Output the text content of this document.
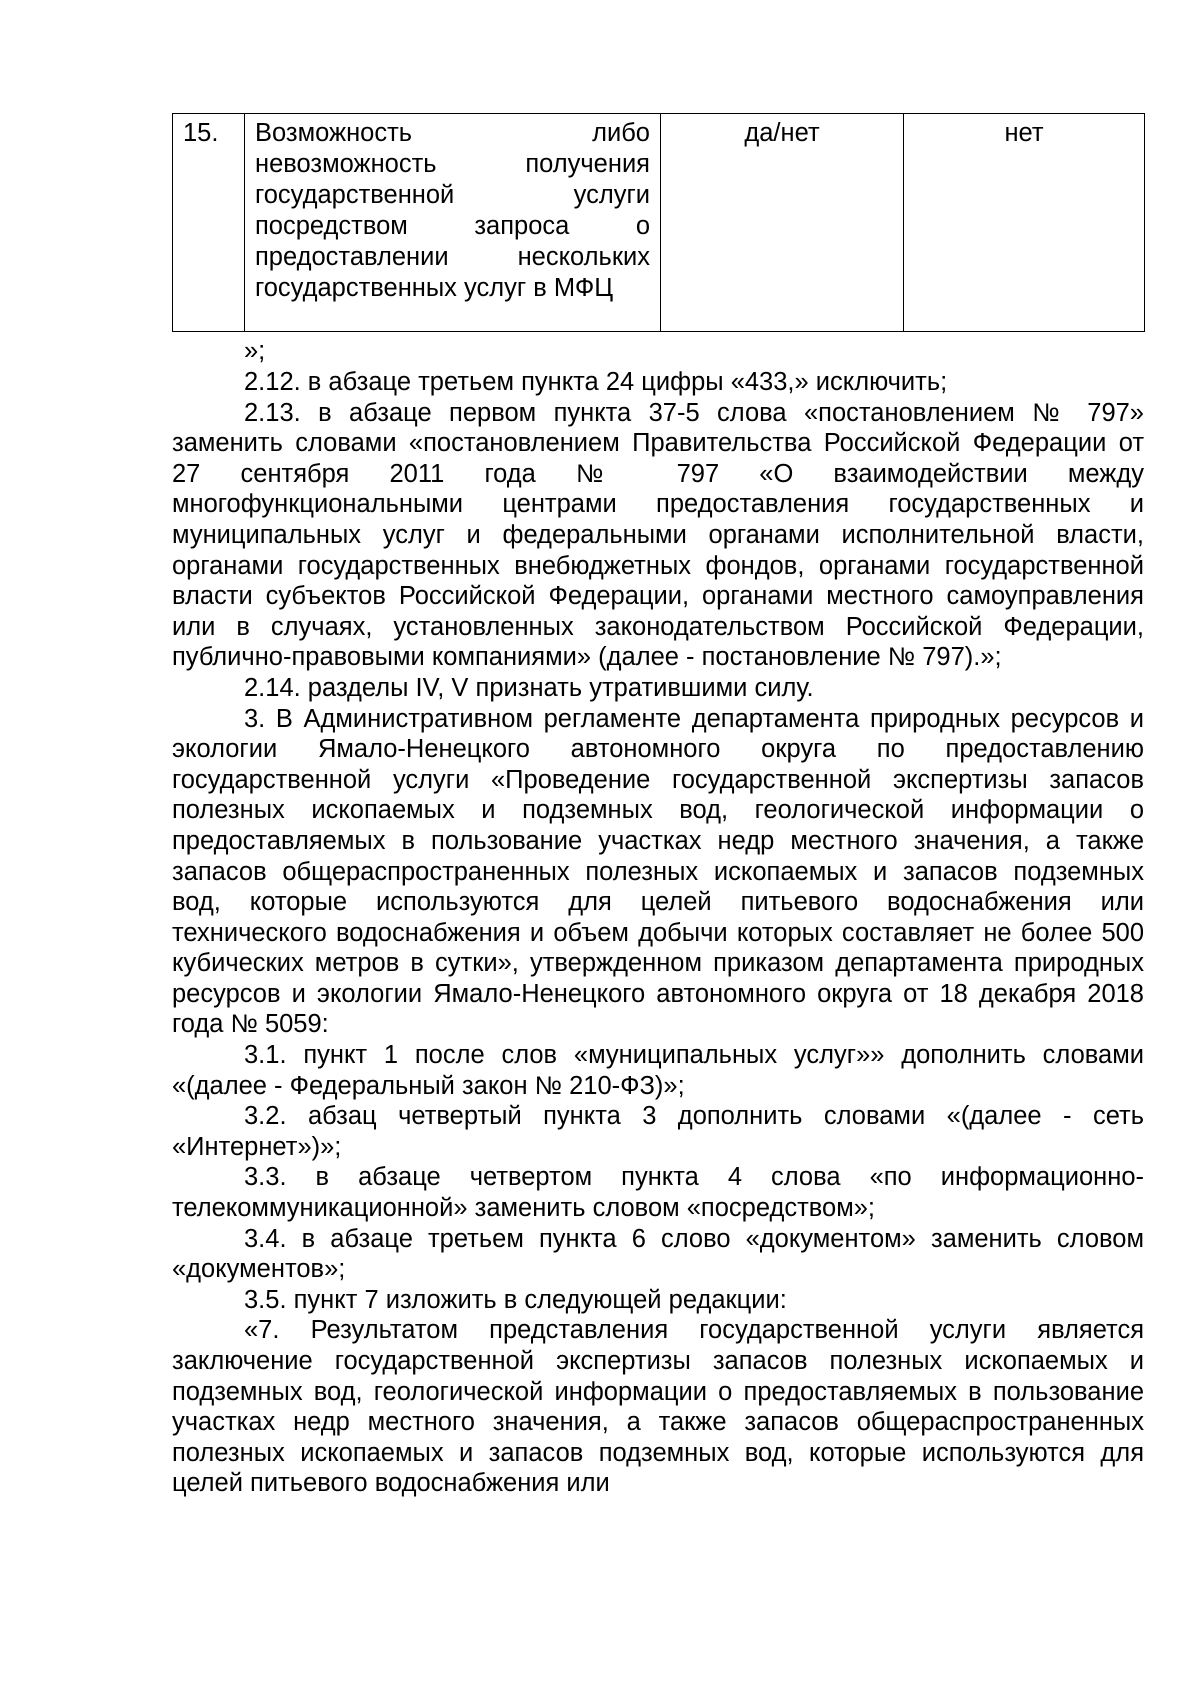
15.	Возможность либо невозможность получения государственной услуги посредством запроса о предоставлении нескольких государственных услуг в МФЦ	да/нет	нет
»;

2.12. в абзаце третьем пункта 24 цифры «433,» исключить;

2.13. в абзаце первом пункта 37-5 слова «постановлением № 797» заменить словами «постановлением Правительства Российской Федерации от 27 сентября 2011 года № 797 «О взаимодействии между многофункциональными центрами предоставления государственных и муниципальных услуг и федеральными органами исполнительной власти, органами государственных внебюджетных фондов, органами государственной власти субъектов Российской Федерации, органами местного самоуправления или в случаях, установленных законодательством Российской Федерации, публично-правовыми компаниями» (далее - постановление № 797).»;

2.14. разделы IV, V признать утратившими силу.

3. В Административном регламенте департамента природных ресурсов и экологии Ямало-Ненецкого автономного округа по предоставлению государственной услуги «Проведение государственной экспертизы запасов полезных ископаемых и подземных вод, геологической информации о предоставляемых в пользование участках недр местного значения, а также запасов общераспространенных полезных ископаемых и запасов подземных вод, которые используются для целей питьевого водоснабжения или технического водоснабжения и объем добычи которых составляет не более 500 кубических метров в сутки», утвержденном приказом департамента природных ресурсов и экологии Ямало-Ненецкого автономного округа от 18 декабря 2018 года № 5059:

3.1. пункт 1 после слов «муниципальных услуг»» дополнить словами «(далее - Федеральный закон № 210-ФЗ)»;

3.2. абзац четвертый пункта 3 дополнить словами «(далее - сеть «Интернет»)»;

3.3. в абзаце четвертом пункта 4 слова «по информационно-телекоммуникационной» заменить словом «посредством»;

3.4. в абзаце третьем пункта 6 слово «документом» заменить словом «документов»;

3.5. пункт 7 изложить в следующей редакции:

«7. Результатом представления государственной услуги является заключение государственной экспертизы запасов полезных ископаемых и подземных вод, геологической информации о предоставляемых в пользование участках недр местного значения, а также запасов общераспространенных полезных ископаемых и запасов подземных вод, которые используются для целей питьевого водоснабжения или
